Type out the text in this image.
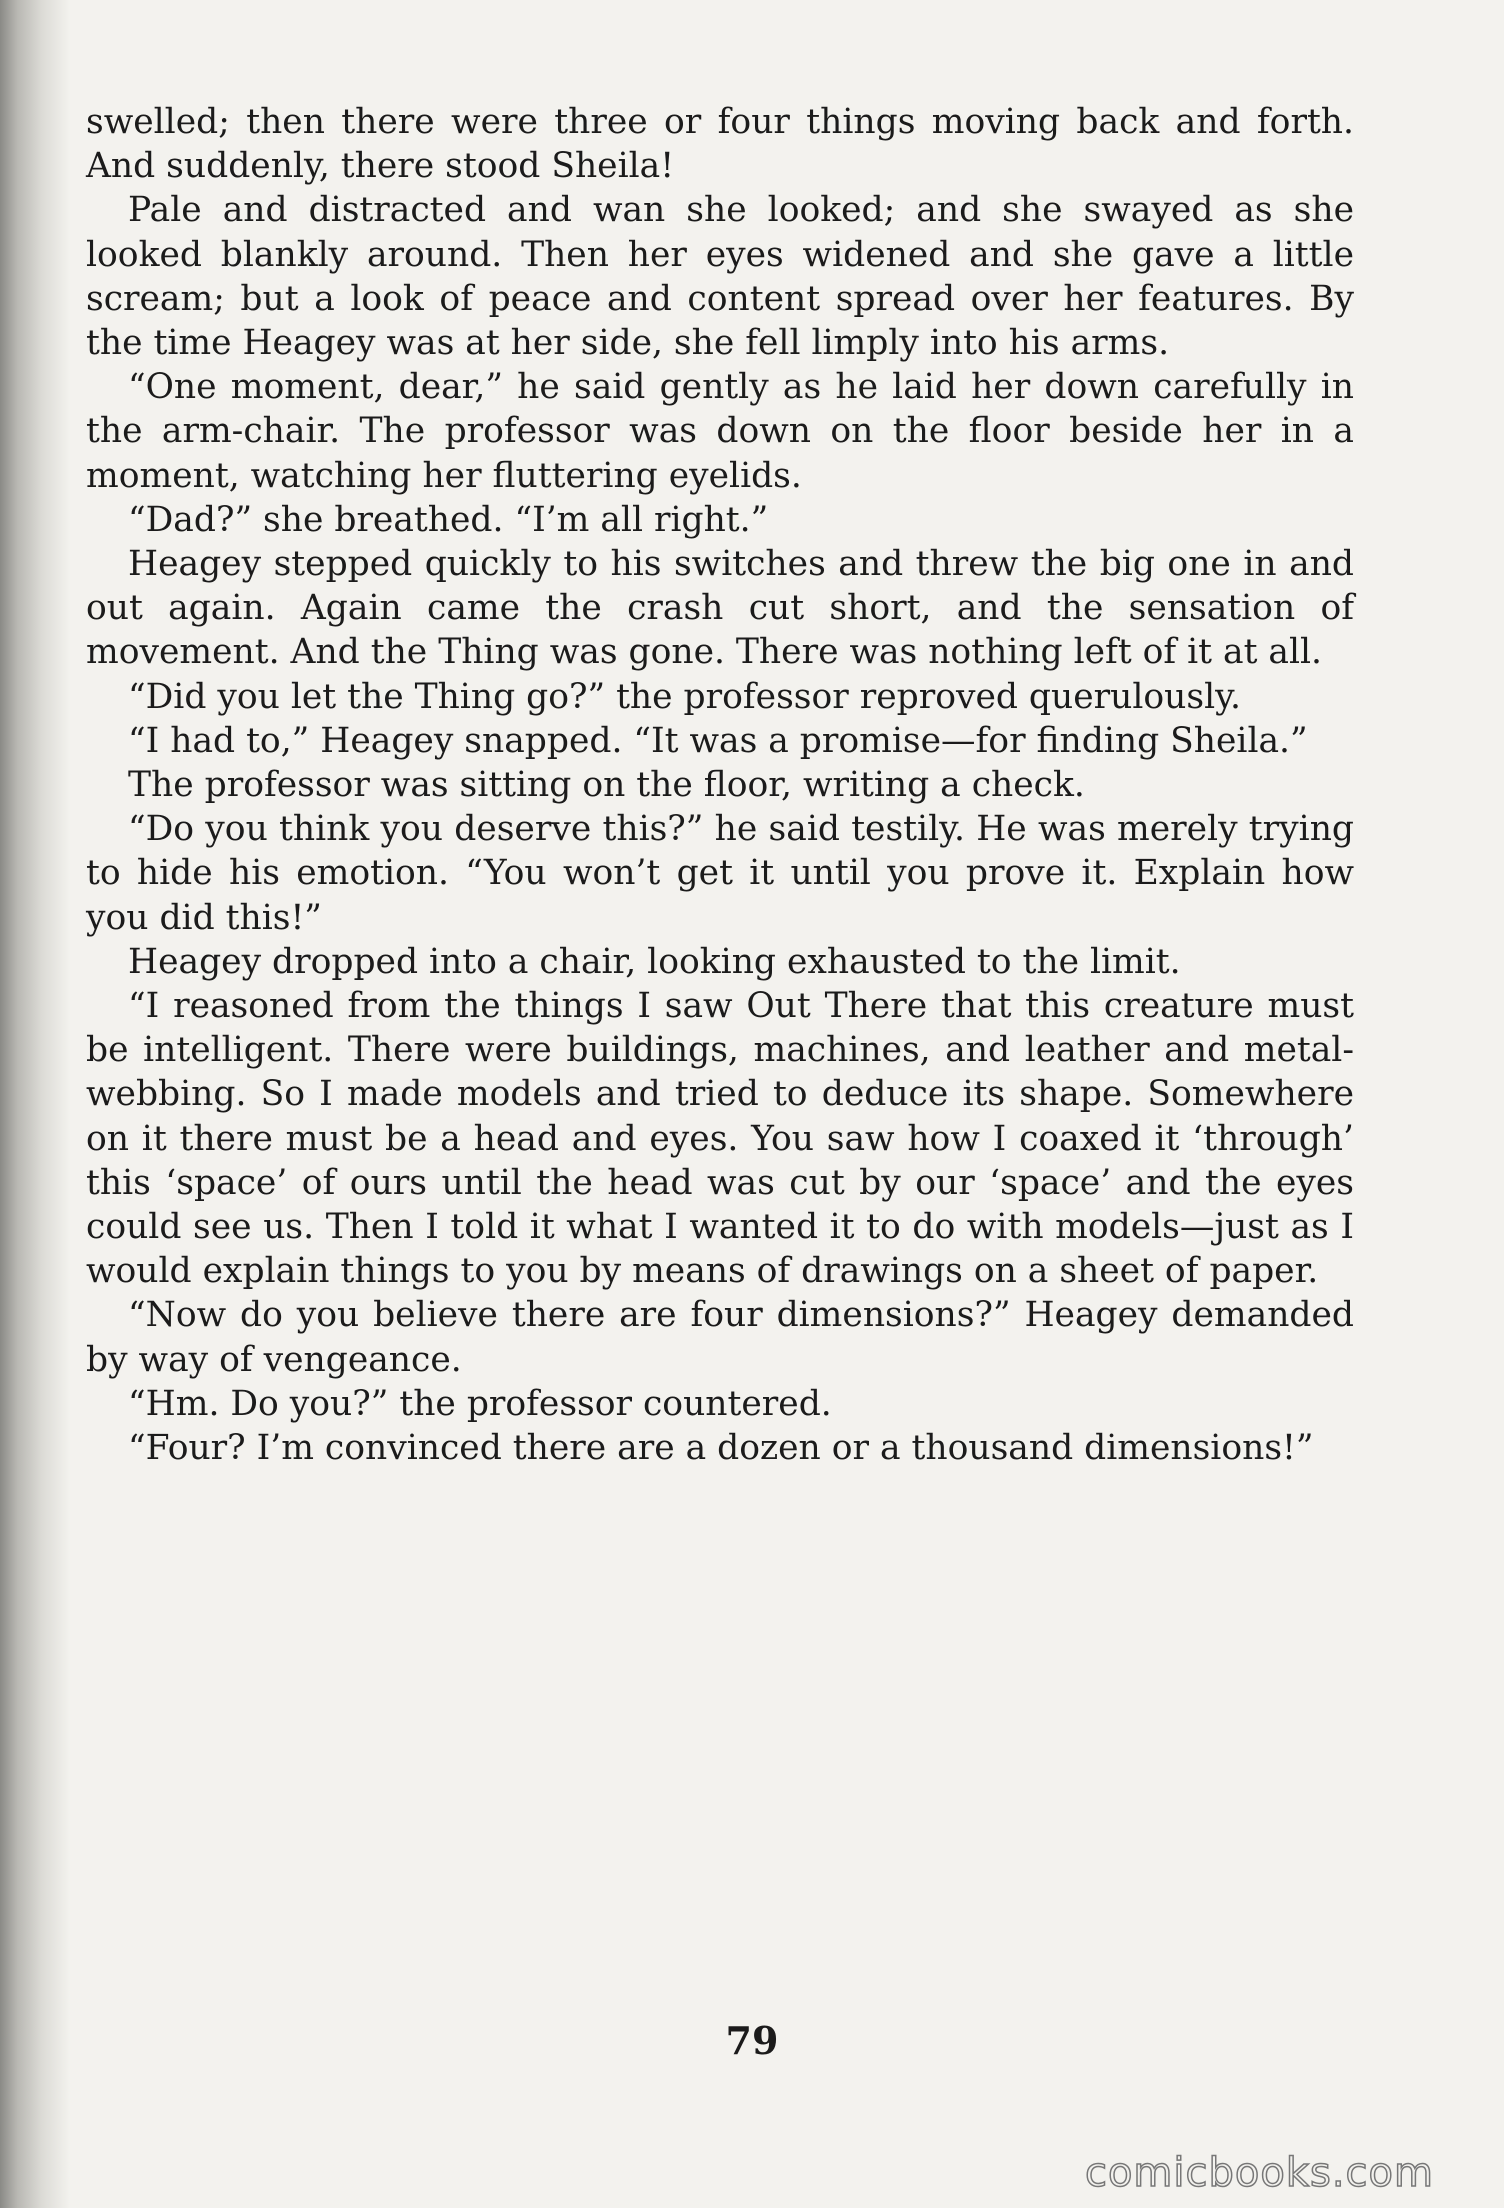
swelled; then there were three or four things moving back and forth. And suddenly, there stood Sheila!

Pale and distracted and wan she looked; and she swayed as she looked blankly around. Then her eyes widened and she gave a little scream; but a look of peace and content spread over her features. By the time Heagey was at her side, she fell limply into his arms.

“One moment, dear,” he said gently as he laid her down carefully in the arm-chair. The professor was down on the floor beside her in a moment, watching her fluttering eyelids.

“Dad?” she breathed. “I’m all right.”

Heagey stepped quickly to his switches and threw the big one in and out again. Again came the crash cut short, and the sensation of movement. And the Thing was gone. There was nothing left of it at all.

“Did you let the Thing go?” the professor reproved querulously.

“I had to,” Heagey snapped. “It was a promise—for finding Sheila.”

The professor was sitting on the floor, writing a check.

“Do you think you deserve this?” he said testily. He was merely trying to hide his emotion. “You won’t get it until you prove it. Explain how you did this!”

Heagey dropped into a chair, looking exhausted to the limit.

“I reasoned from the things I saw Out There that this creature must be intelligent. There were buildings, machines, and leather and metal-webbing. So I made models and tried to deduce its shape. Somewhere on it there must be a head and eyes. You saw how I coaxed it ‘through’ this ‘space’ of ours until the head was cut by our ‘space’ and the eyes could see us. Then I told it what I wanted it to do with models—just as I would explain things to you by means of drawings on a sheet of paper.

“Now do you believe there are four dimensions?” Heagey demanded by way of vengeance.

“Hm. Do you?” the professor countered.

“Four? I’m convinced there are a dozen or a thousand dimensions!”

79
comicbooks.com
